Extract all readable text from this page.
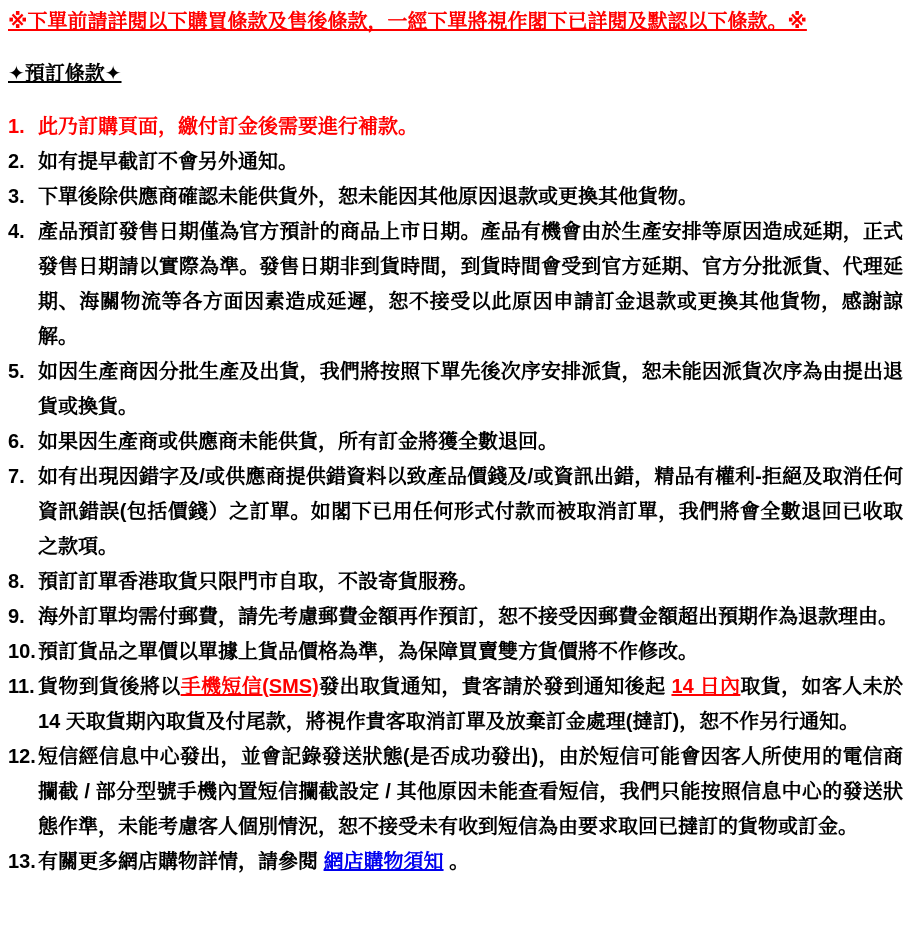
※下單前請詳閱以下購買條款及售後條款，一經下單將視作閣下已詳閱及默認以下條款。※
✦預訂條款✦
1. 此乃訂購頁面，繳付訂金後需要進行補款。
2. 如有提早截訂不會另外通知。
3. 下單後除供應商確認未能供貨外，恕未能因其他原因退款或更換其他貨物。
4. 產品預訂發售日期僅為官方預計的商品上市日期。產品有機會由於生產安排等原因造成延期，正式發售日期請以實際為準。發售日期非到貨時間，到貨時間會受到官方延期、官方分批派貨、代理延期、海關物流等各方面因素造成延遲，恕不接受以此原因申請訂金退款或更換其他貨物，感謝諒解。
5. 如因生產商因分批生產及出貨，我們將按照下單先後次序安排派貨，恕未能因派貨次序為由提出退貨或換貨。
6. 如果因生產商或供應商未能供貨，所有訂金將獲全數退回。
7. 如有出現因錯字及/或供應商提供錯資料以致產品價錢及/或資訊出錯，精品有權利-拒絕及取消任何資訊錯誤(包括價錢）之訂單。如閣下已用任何形式付款而被取消訂單，我們將會全數退回已收取之款項。
8. 預訂訂單香港取貨只限門市自取，不設寄貨服務。
9. 海外訂單均需付郵費，請先考慮郵費金額再作預訂，恕不接受因郵費金額超出預期作為退款理由。
10. 預訂貨品之單價以單據上貨品價格為準，為保障買賣雙方貨價將不作修改。
11. 貨物到貨後將以手機短信(SMS)發出取貨通知，貴客請於發到通知後起 14 日內取貨，如客人未於 14 天取貨期內取貨及付尾款，將視作貴客取消訂單及放棄訂金處理(撻訂)，恕不作另行通知。
12. 短信經信息中心發出，並會記錄發送狀態(是否成功發出)，由於短信可能會因客人所使用的電信商攔截 / 部分型號手機內置短信攔截設定 / 其他原因未能查看短信，我們只能按照信息中心的發送狀態作準，未能考慮客人個別情況，恕不接受未有收到短信為由要求取回已撻訂的貨物或訂金。
13. 有關更多網店購物詳情，請參閱 網店購物須知 。
